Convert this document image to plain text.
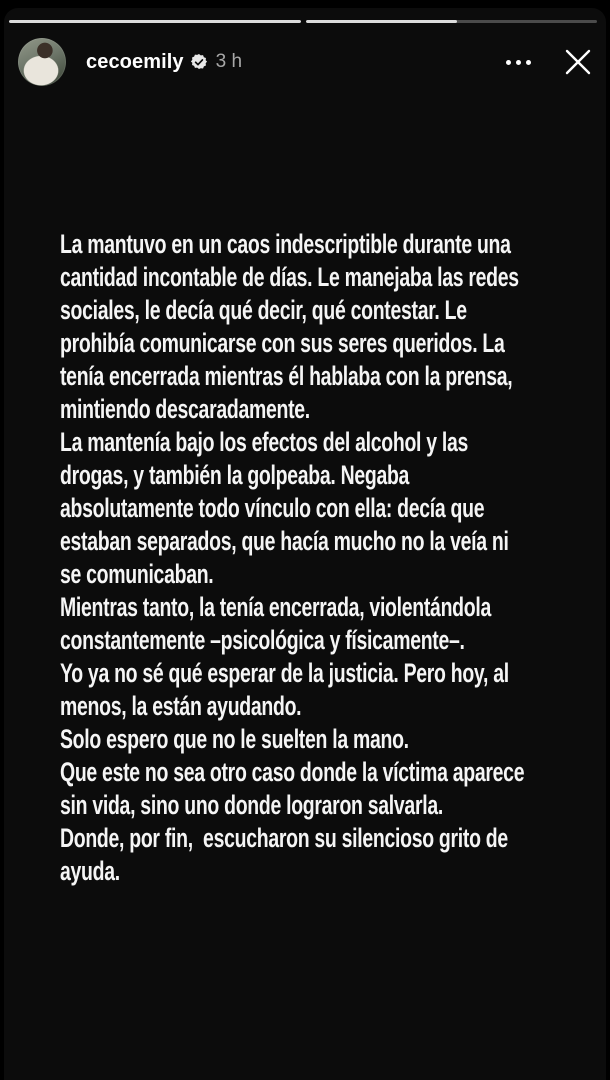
cecoemily 3 h
La mantuvo en un caos indescriptible durante una
cantidad incontable de días. Le manejaba las redes
sociales, le decía qué decir, qué contestar. Le
prohibía comunicarse con sus seres queridos. La
tenía encerrada mientras él hablaba con la prensa,
mintiendo descaradamente.
La mantenía bajo los efectos del alcohol y las
drogas, y también la golpeaba. Negaba
absolutamente todo vínculo con ella: decía que
estaban separados, que hacía mucho no la veía ni
se comunicaban.
Mientras tanto, la tenía encerrada, violentándola
constantemente –psicológica y físicamente–.
Yo ya no sé qué esperar de la justicia. Pero hoy, al
menos, la están ayudando.
Solo espero que no le suelten la mano.
Que este no sea otro caso donde la víctima aparece
sin vida, sino uno donde lograron salvarla.
Donde, por fin,  escucharon su silencioso grito de
ayuda.
